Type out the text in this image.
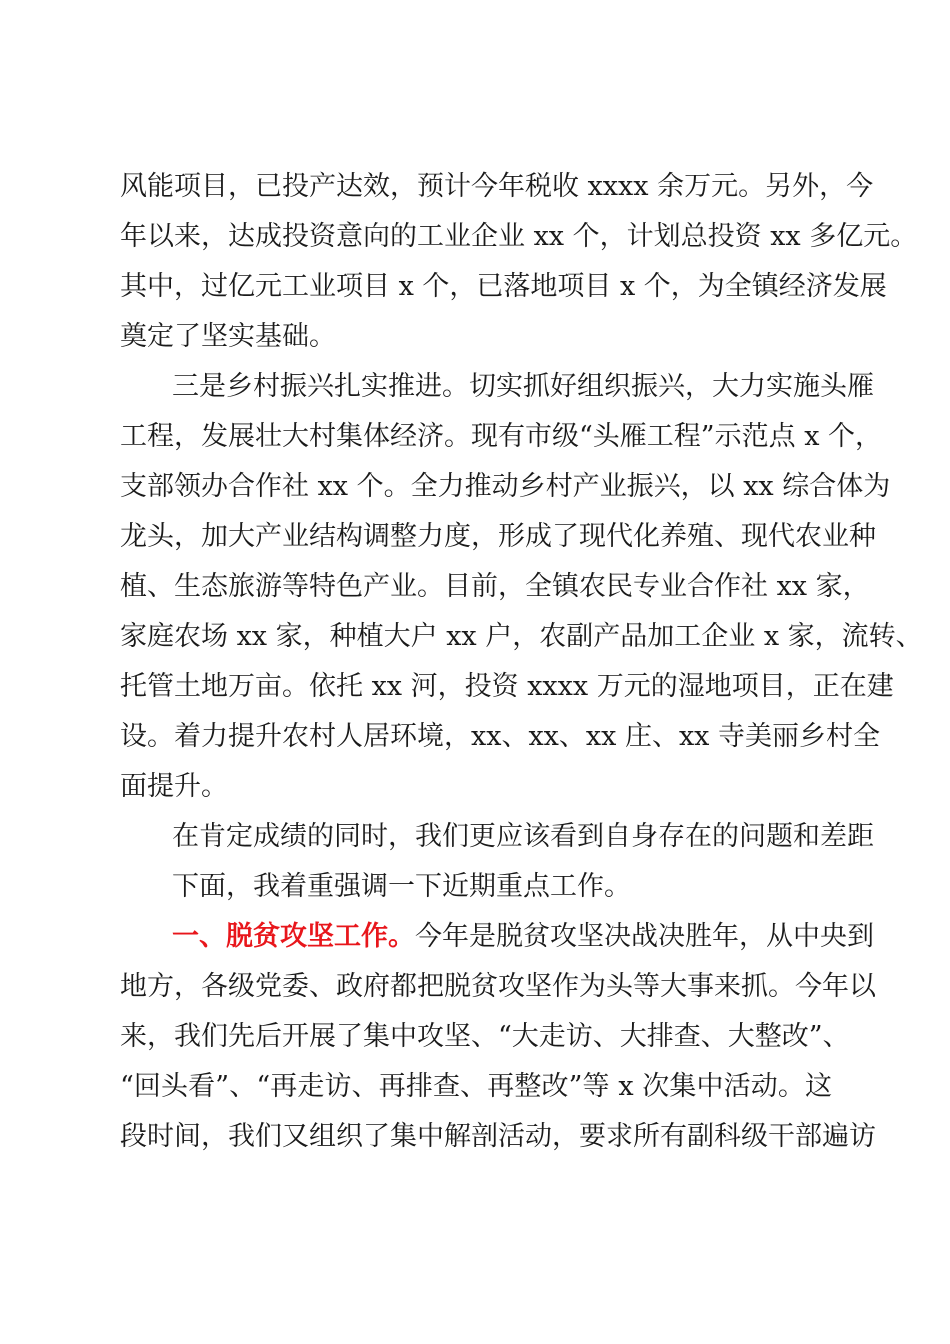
风能项目，已投产达效，预计今年税收 xxxx 余万元。另外，今
年以来，达成投资意向的工业企业 xx 个，计划总投资 xx 多亿元。
其中，过亿元工业项目 x 个，已落地项目 x 个，为全镇经济发展
奠定了坚实基础。
三是乡村振兴扎实推进。切实抓好组织振兴，大力实施头雁
工程，发展壮大村集体经济。现有市级“头雁工程”示范点 x 个，
支部领办合作社 xx 个。全力推动乡村产业振兴，以 xx 综合体为
龙头，加大产业结构调整力度，形成了现代化养殖、现代农业种
植、生态旅游等特色产业。目前，全镇农民专业合作社 xx 家，
家庭农场 xx 家，种植大户 xx 户，农副产品加工企业 x 家，流转、
托管土地万亩。依托 xx 河，投资 xxxx 万元的湿地项目，正在建
设。着力提升农村人居环境，xx、xx、xx 庄、xx 寺美丽乡村全
面提升。
在肯定成绩的同时，我们更应该看到自身存在的问题和差距
下面，我着重强调一下近期重点工作。
一、脱贫攻坚工作。今年是脱贫攻坚决战决胜年，从中央到
地方，各级党委、政府都把脱贫攻坚作为头等大事来抓。今年以
来，我们先后开展了集中攻坚、“大走访、大排查、大整改”、
“回头看”、“再走访、再排查、再整改”等 x 次集中活动。这
段时间，我们又组织了集中解剖活动，要求所有副科级干部遍访
